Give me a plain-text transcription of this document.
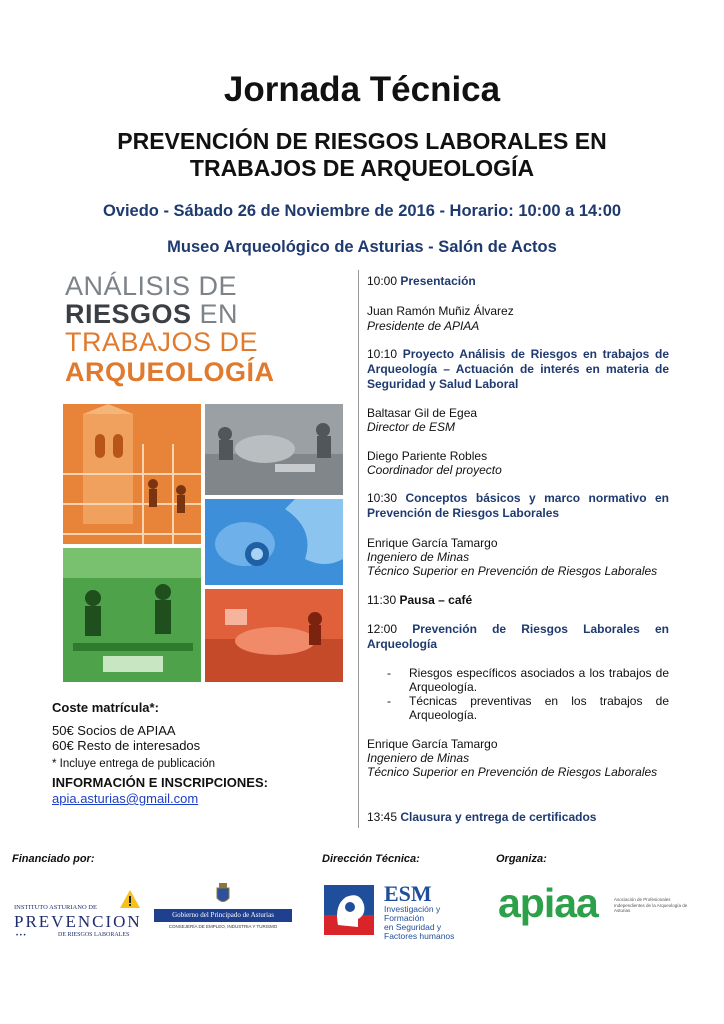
Jornada Técnica
PREVENCIÓN DE RIESGOS LABORALES EN
TRABAJOS DE ARQUEOLOGÍA
Oviedo - Sábado 26 de Noviembre de 2016 - Horario: 10:00 a 14:00
Museo Arqueológico de Asturias - Salón de Actos
ANÁLISIS DE
RIESGOS EN
TRABAJOS DE
ARQUEOLOGÍA
10:00 Presentación
Juan Ramón Muñiz Álvarez
Presidente de APIAA
10:10 Proyecto Análisis de Riesgos en trabajos de Arqueología – Actuación de interés en materia de Seguridad y Salud Laboral
Baltasar Gil de Egea
Director de ESM
Diego Pariente Robles
Coordinador del proyecto
10:30 Conceptos básicos y marco normativo en Prevención de Riesgos Laborales
Enrique García Tamargo
Ingeniero de Minas
Técnico Superior en Prevención de Riesgos Laborales
11:30 Pausa – café
12:00 Prevención de Riesgos Laborales en Arqueología
- Riesgos específicos asociados a los trabajos de Arqueología.
- Técnicas preventivas en los trabajos de Arqueología.
Enrique García Tamargo
Ingeniero de Minas
Técnico Superior en Prevención de Riesgos Laborales
13:45 Clausura y entrega de certificados
Coste matrícula*:
50€ Socios de APIAA
60€ Resto de interesados
* Incluye entrega de publicación
INFORMACIÓN E INSCRIPCIONES:
apia.asturias@gmail.com
Financiado por:	Dirección Técnica:	Organiza:
INSTITUTO ASTURIANO DE
PREVENCION
• • •	DE RIESGOS LABORALES
Gobierno del Principado de Asturias
CONSEJERÍA DE EMPLEO, INDUSTRIA Y TURISMO
ESM
Investigación y
Formación
en Seguridad y
Factores humanos
apiaa	Asociación de Profesionales Independientes de la Arqueología de Asturias
